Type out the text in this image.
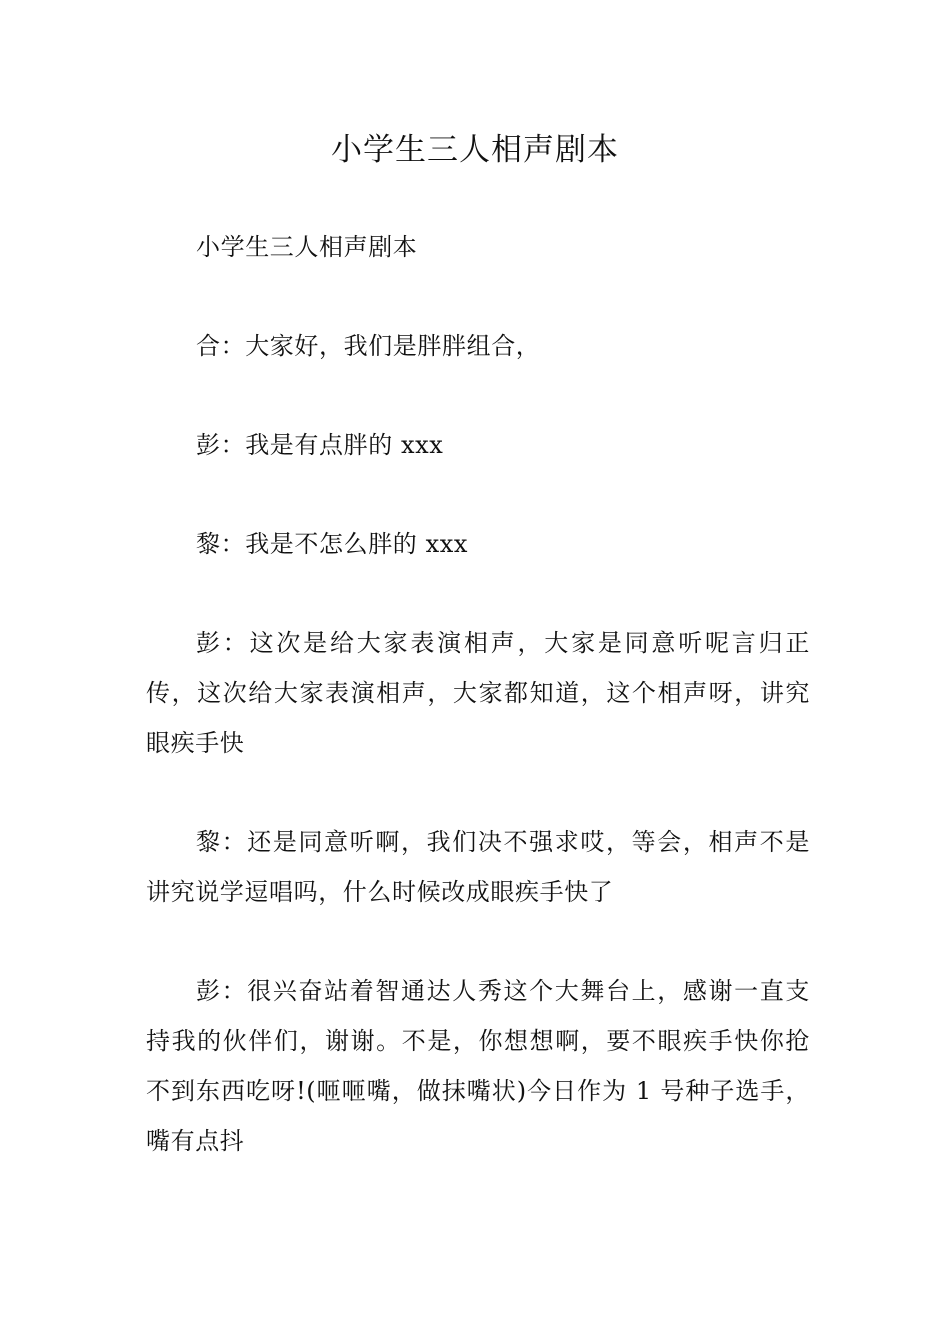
小学生三人相声剧本

小学生三人相声剧本

合：大家好，我们是胖胖组合，

彭：我是有点胖的 xxx

黎：我是不怎么胖的 xxx

彭：这次是给大家表演相声，大家是同意听呢言归正传，这次给大家表演相声，大家都知道，这个相声呀，讲究眼疾手快

黎：还是同意听啊，我们决不强求哎，等会，相声不是讲究说学逗唱吗，什么时候改成眼疾手快了

彭：很兴奋站着智通达人秀这个大舞台上，感谢一直支持我的伙伴们，谢谢。不是，你想想啊，要不眼疾手快你抢不到东西吃呀!(咂咂嘴，做抹嘴状)今日作为 1 号种子选手，嘴有点抖
